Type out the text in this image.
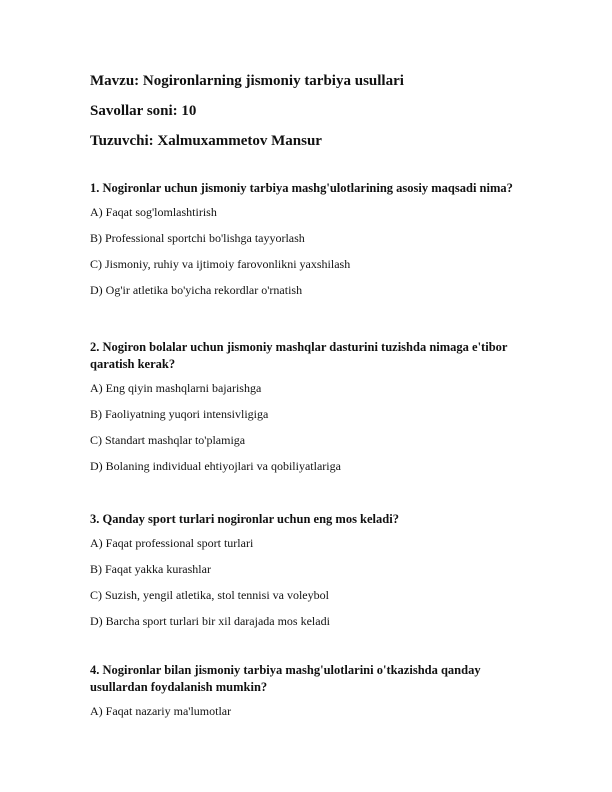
Mavzu: Nogironlarning jismoniy tarbiya usullari
Savollar soni: 10
Tuzuvchi: Xalmuxammetov Mansur
1. Nogironlar uchun jismoniy tarbiya mashg'ulotlarining asosiy maqsadi nima?
A) Faqat sog'lomlashtirish
B) Professional sportchi bo'lishga tayyorlash
C) Jismoniy, ruhiy va ijtimoiy farovonlikni yaxshilash
D) Og'ir atletika bo'yicha rekordlar o'rnatish
2. Nogiron bolalar uchun jismoniy mashqlar dasturini tuzishda nimaga e'tibor qaratish kerak?
A) Eng qiyin mashqlarni bajarishga
B) Faoliyatning yuqori intensivligiga
C) Standart mashqlar to'plamiga
D) Bolaning individual ehtiyojlari va qobiliyatlariga
3. Qanday sport turlari nogironlar uchun eng mos keladi?
A) Faqat professional sport turlari
B) Faqat yakka kurashlar
C) Suzish, yengil atletika, stol tennisi va voleybol
D) Barcha sport turlari bir xil darajada mos keladi
4. Nogironlar bilan jismoniy tarbiya mashg'ulotlarini o'tkazishda qanday usullardan foydalanish mumkin?
A) Faqat nazariy ma'lumotlar
